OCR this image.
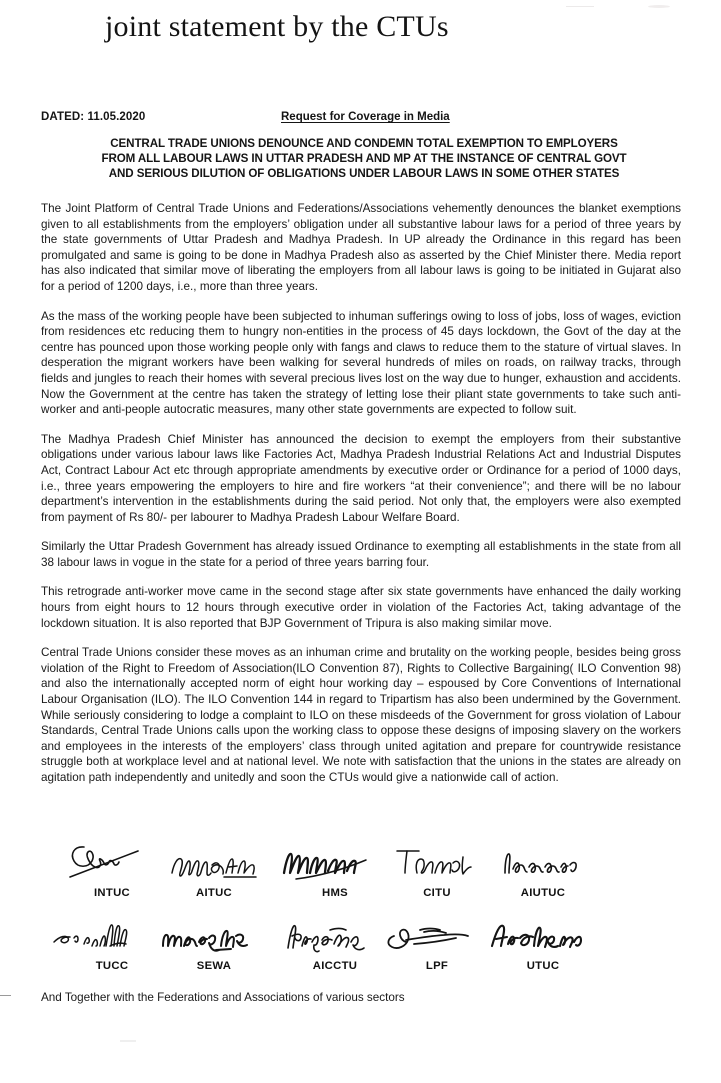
joint statement by the CTUs
DATED: 11.05.2020	Request for Coverage in Media
CENTRAL TRADE UNIONS DENOUNCE AND CONDEMN TOTAL EXEMPTION TO EMPLOYERS
FROM ALL LABOUR LAWS IN UTTAR PRADESH AND MP AT THE INSTANCE OF CENTRAL GOVT
AND SERIOUS DILUTION OF OBLIGATIONS UNDER LABOUR LAWS IN SOME OTHER STATES

The Joint Platform of Central Trade Unions and Federations/Associations vehemently denounces the blanket exemptions given to all establishments from the employers’ obligation under all substantive labour laws for a period of three years by the state governments of Uttar Pradesh and Madhya Pradesh. In UP already the Ordinance in this regard has been promulgated and same is going to be done in Madhya Pradesh also as asserted by the Chief Minister there. Media report has also indicated that similar move of liberating the employers from all labour laws is going to be initiated in Gujarat also for a period of 1200 days, i.e., more than three years.

As the mass of the working people have been subjected to inhuman sufferings owing to loss of jobs, loss of wages, eviction from residences etc reducing them to hungry non-entities in the process of 45 days lockdown, the Govt of the day at the centre has pounced upon those working people only with fangs and claws to reduce them to the stature of virtual slaves. In desperation the migrant workers have been walking for several hundreds of miles on roads, on railway tracks, through fields and jungles to reach their homes with several precious lives lost on the way due to hunger, exhaustion and accidents. Now the Government at the centre has taken the strategy of letting lose their pliant state governments to take such anti-worker and anti-people autocratic measures, many other state governments are expected to follow suit.

The Madhya Pradesh Chief Minister has announced the decision to exempt the employers from their substantive obligations under various labour laws like Factories Act, Madhya Pradesh Industrial Relations Act and Industrial Disputes Act, Contract Labour Act etc through appropriate amendments by executive order or Ordinance for a period of 1000 days, i.e., three years empowering the employers to hire and fire workers “at their convenience”; and there will be no labour department’s intervention in the establishments during the said period. Not only that, the employers were also exempted from payment of Rs 80/- per labourer to Madhya Pradesh Labour Welfare Board.

Similarly the Uttar Pradesh Government has already issued Ordinance to exempting all establishments in the state from all 38 labour laws in vogue in the state for a period of three years barring four.

This retrograde anti-worker move came in the second stage after six state governments have enhanced the daily working hours from eight hours to 12 hours through executive order in violation of the Factories Act, taking advantage of the lockdown situation. It is also reported that BJP Government of Tripura is also making similar move.

Central Trade Unions consider these moves as an inhuman crime and brutality on the working people, besides being gross violation of the Right to Freedom of Association(ILO Convention 87), Rights to Collective Bargaining( ILO Convention 98) and also the internationally accepted norm of eight hour working day – espoused by Core Conventions of International Labour Organisation (ILO). The ILO Convention 144 in regard to Tripartism has also been undermined by the Government. While seriously considering to lodge a complaint to ILO on these misdeeds of the Government for gross violation of Labour Standards, Central Trade Unions calls upon the working class to oppose these designs of imposing slavery on the workers and employees in the interests of the employers’ class through united agitation and prepare for countrywide resistance struggle both at workplace level and at national level. We note with satisfaction that the unions in the states are already on agitation path independently and unitedly and soon the CTUs would give a nationwide call of action.

INTUC	AITUC	HMS	CITU	AIUTUC
TUCC	SEWA	AICCTU	LPF	UTUC
And Together with the Federations and Associations of various sectors
